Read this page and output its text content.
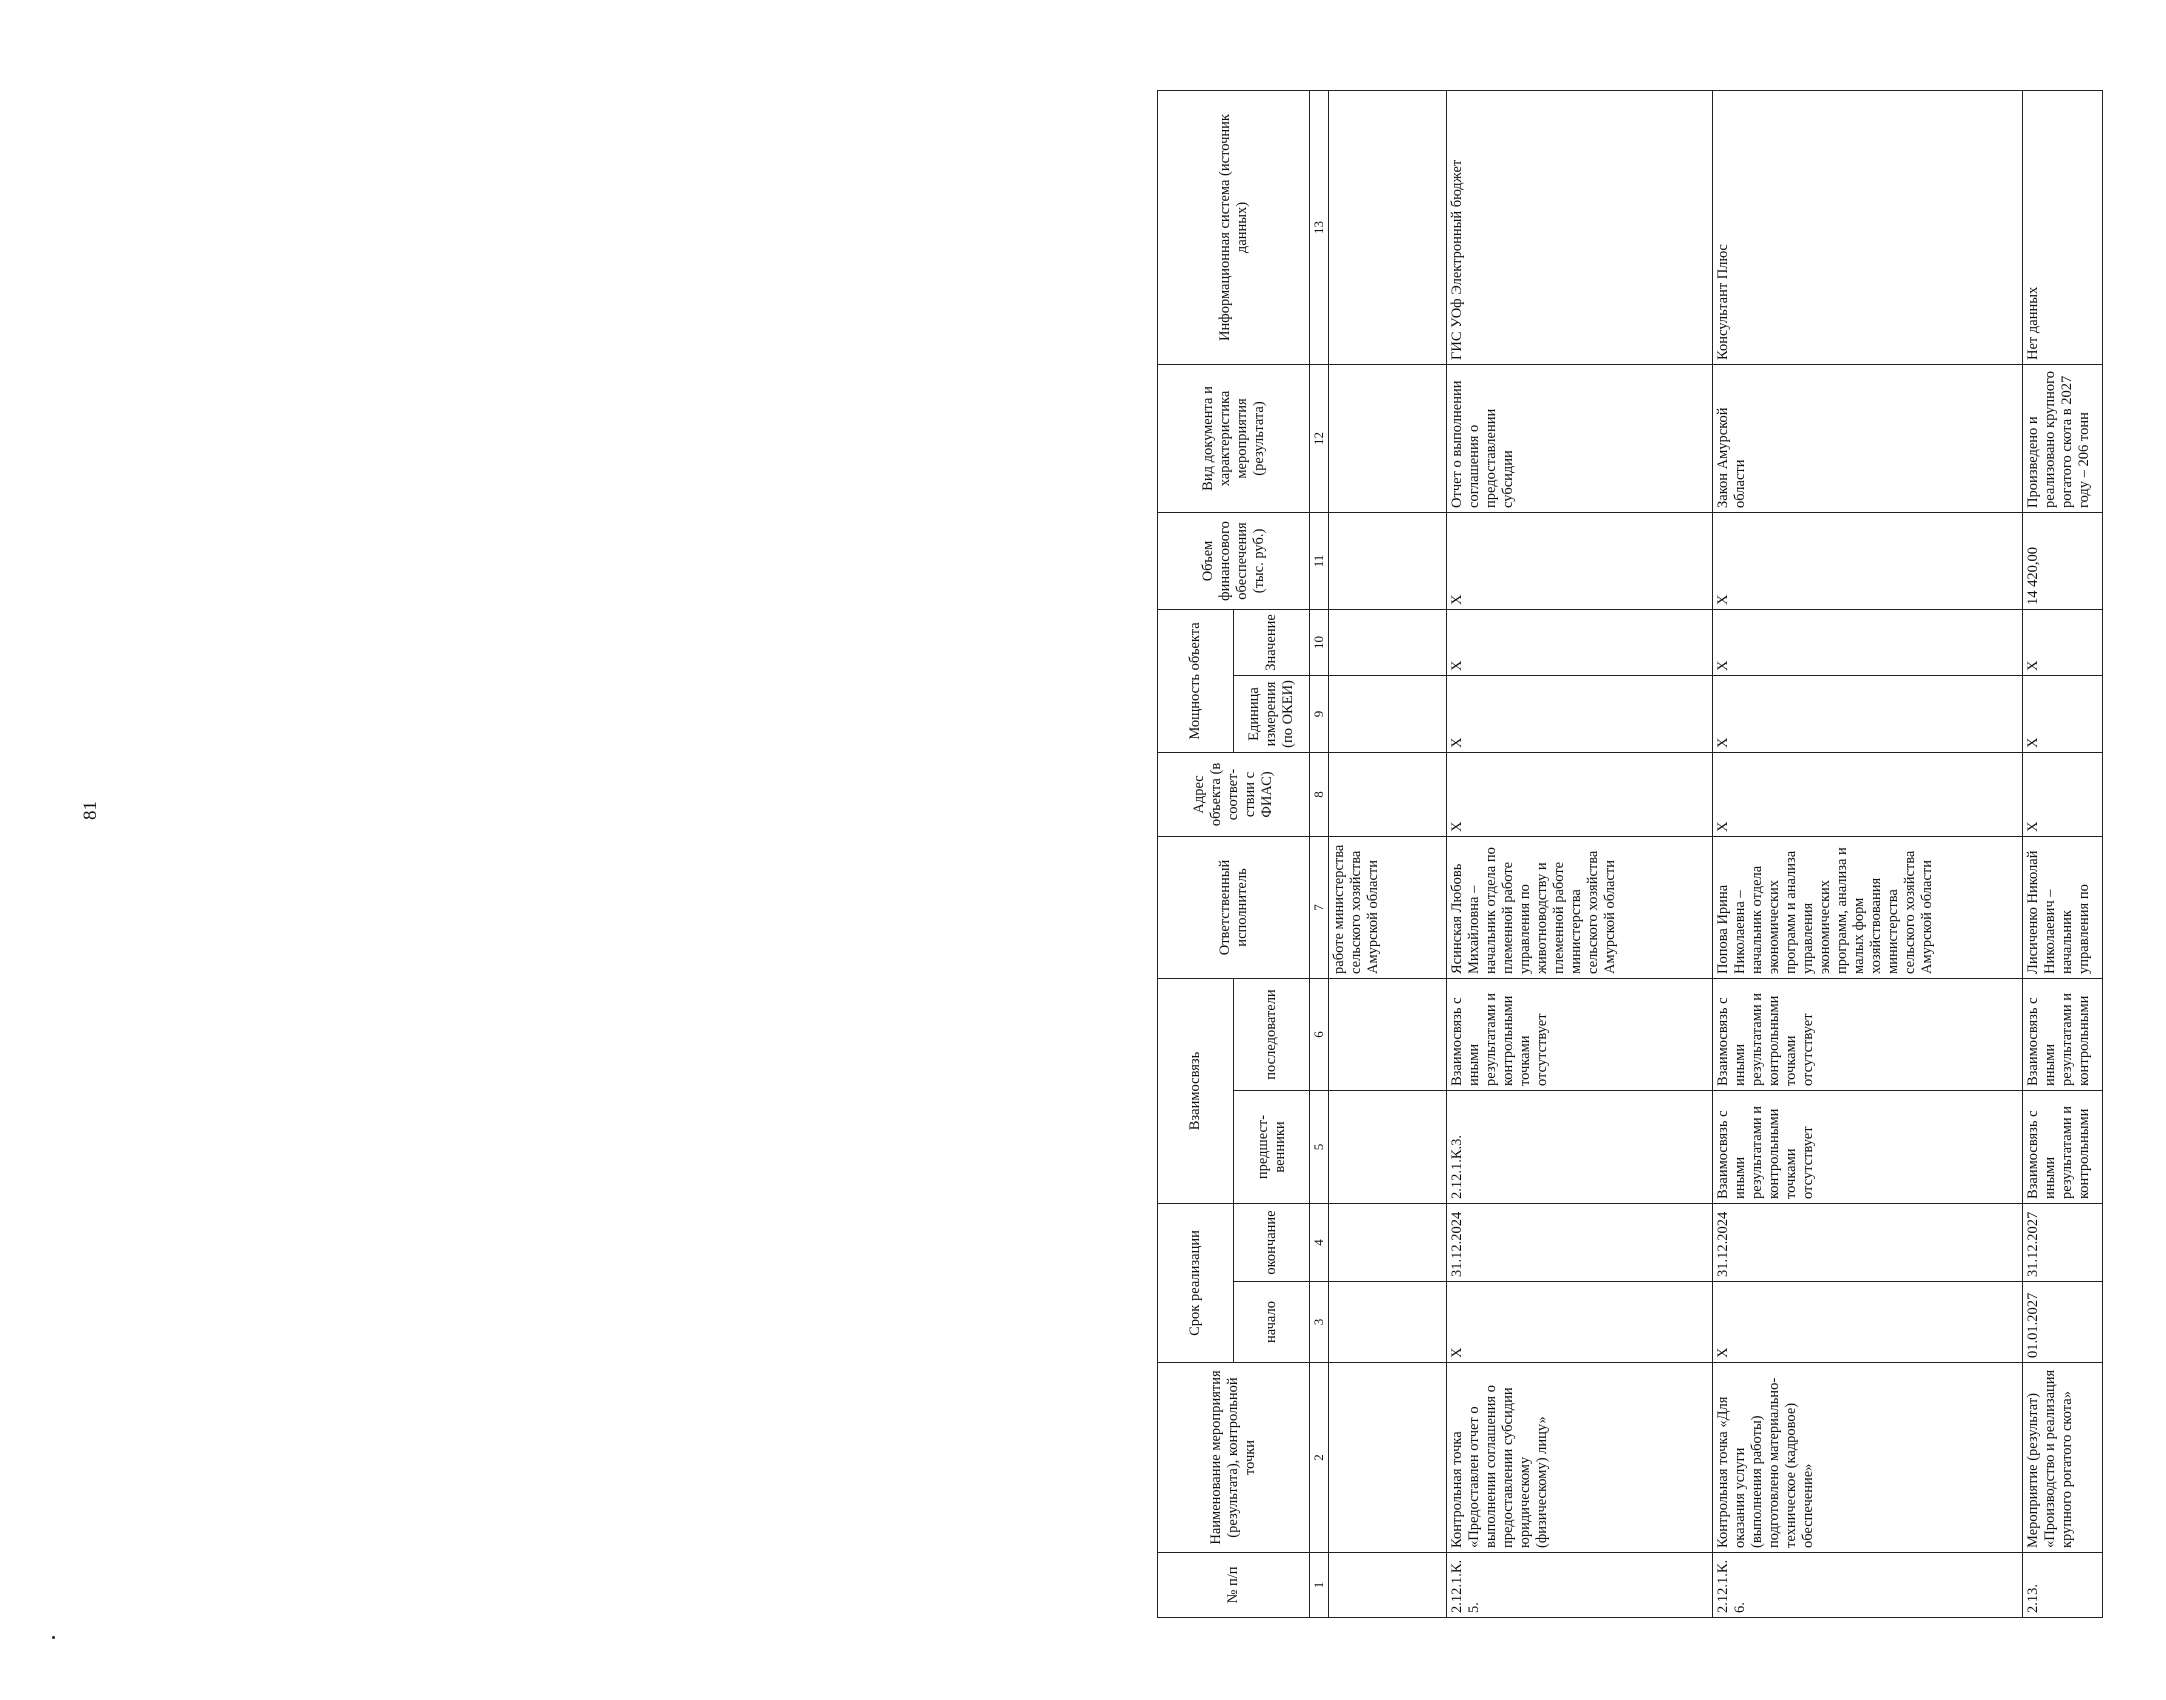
81
№ п/п	Наименование мероприятия (результата), контрольной точки	Срок реализации		Взаимосвязь		Ответственный исполнитель	Адрес объекта (в соответ-ствии с ФИАС)	Мощность объекта		Объем финансового обеспечения (тыс. руб.)	Вид документа и характеристика мероприятия (результата)	Информационная система (источник данных)
		начало	окончание	предшест-венники	последователи			Единица измерения (по ОКЕИ)	Значение			
1	2	3	4	5	6	7	8	9	10	11	12	13
						работе министерства сельского хозяйства Амурской области						
2.12.1.К.5.	Контрольная точка «Предоставлен отчет о выполнении соглашения о предоставлении субсидии юридическому (физическому) лицу»	Х	31.12.2024	2.12.1.К.3.	Взаимосвязь с иными результатами и контрольными точками отсутствует	Ясинская Любовь Михайловна – начальник отдела по племенной работе управления по животноводству и племенной работе министерства сельского хозяйства Амурской области	Х	Х	Х	Х	Отчет о выполнении соглашения о предоставлении субсидии	ГИС УОф Электронный бюджет
2.12.1.К.6.	Контрольная точка «Для оказания услуги (выполнения работы) подготовлено материально-техническое (кадровое) обеспечение»	Х	31.12.2024	Взаимосвязь с иными результатами и контрольными точками отсутствует	Взаимосвязь с иными результатами и контрольными точками отсутствует	Попова Ирина Николаевна – начальник отдела экономических программ и анализа управления экономических программ, анализа и малых форм хозяйствования министерства сельского хозяйства Амурской области	Х	Х	Х	Х	Закон Амурской области	Консультант Плюс
2.13.	Мероприятие (результат) «Производство и реализация крупного рогатого скота»	01.01.2027	31.12.2027	Взаимосвязь с иными результатами и контрольными	Взаимосвязь с иными результатами и контрольными	Лисиченко Николай Николаевич – начальник управления по	Х	Х	Х	14 420,00	Произведено и реализовано крупного рогатого скота в 2027 году – 206 тонн	Нет данных
